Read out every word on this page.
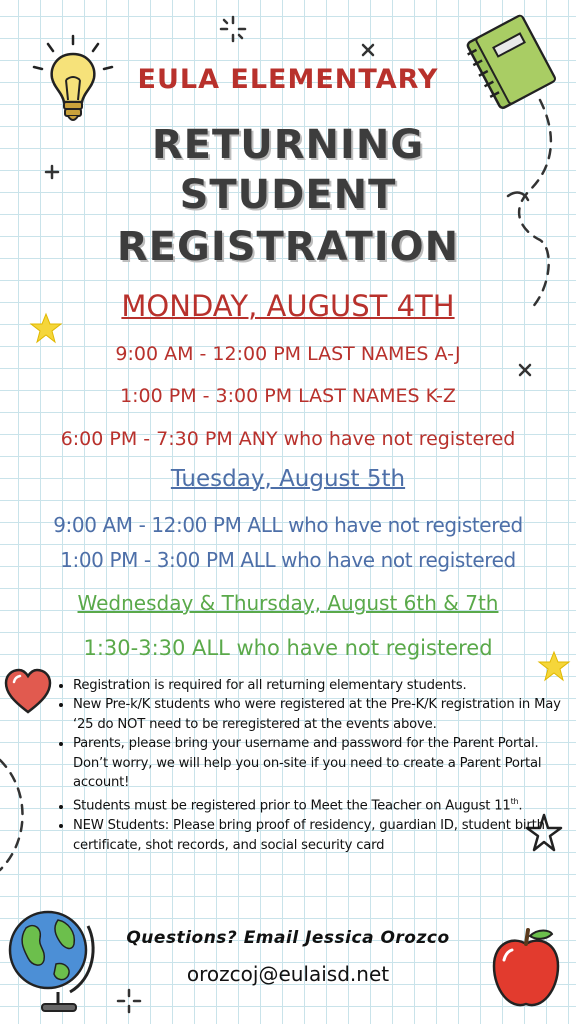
EULA ELEMENTARY
RETURNING
STUDENT
REGISTRATION
MONDAY, AUGUST 4TH
9:00 AM - 12:00 PM LAST NAMES A-J
1:00 PM - 3:00 PM LAST NAMES K-Z
6:00 PM - 7:30 PM ANY who have not registered
Tuesday, August 5th
9:00 AM - 12:00 PM ALL who have not registered
1:00 PM - 3:00 PM ALL who have not registered
Wednesday & Thursday, August 6th & 7th
1:30-3:30 ALL who have not registered
• Registration is required for all returning elementary students.
• New Pre-k/K students who were registered at the Pre-K/K registration in May ‘25 do NOT need to be reregistered at the events above.
• Parents, please bring your username and password for the Parent Portal. Don’t worry, we will help you on-site if you need to create a Parent Portal account!
• Students must be registered prior to Meet the Teacher on August 11th.
• NEW Students: Please bring proof of residency, guardian ID, student birth certificate, shot records, and social security card
Questions? Email Jessica Orozco
orozcoj@eulaisd.net
